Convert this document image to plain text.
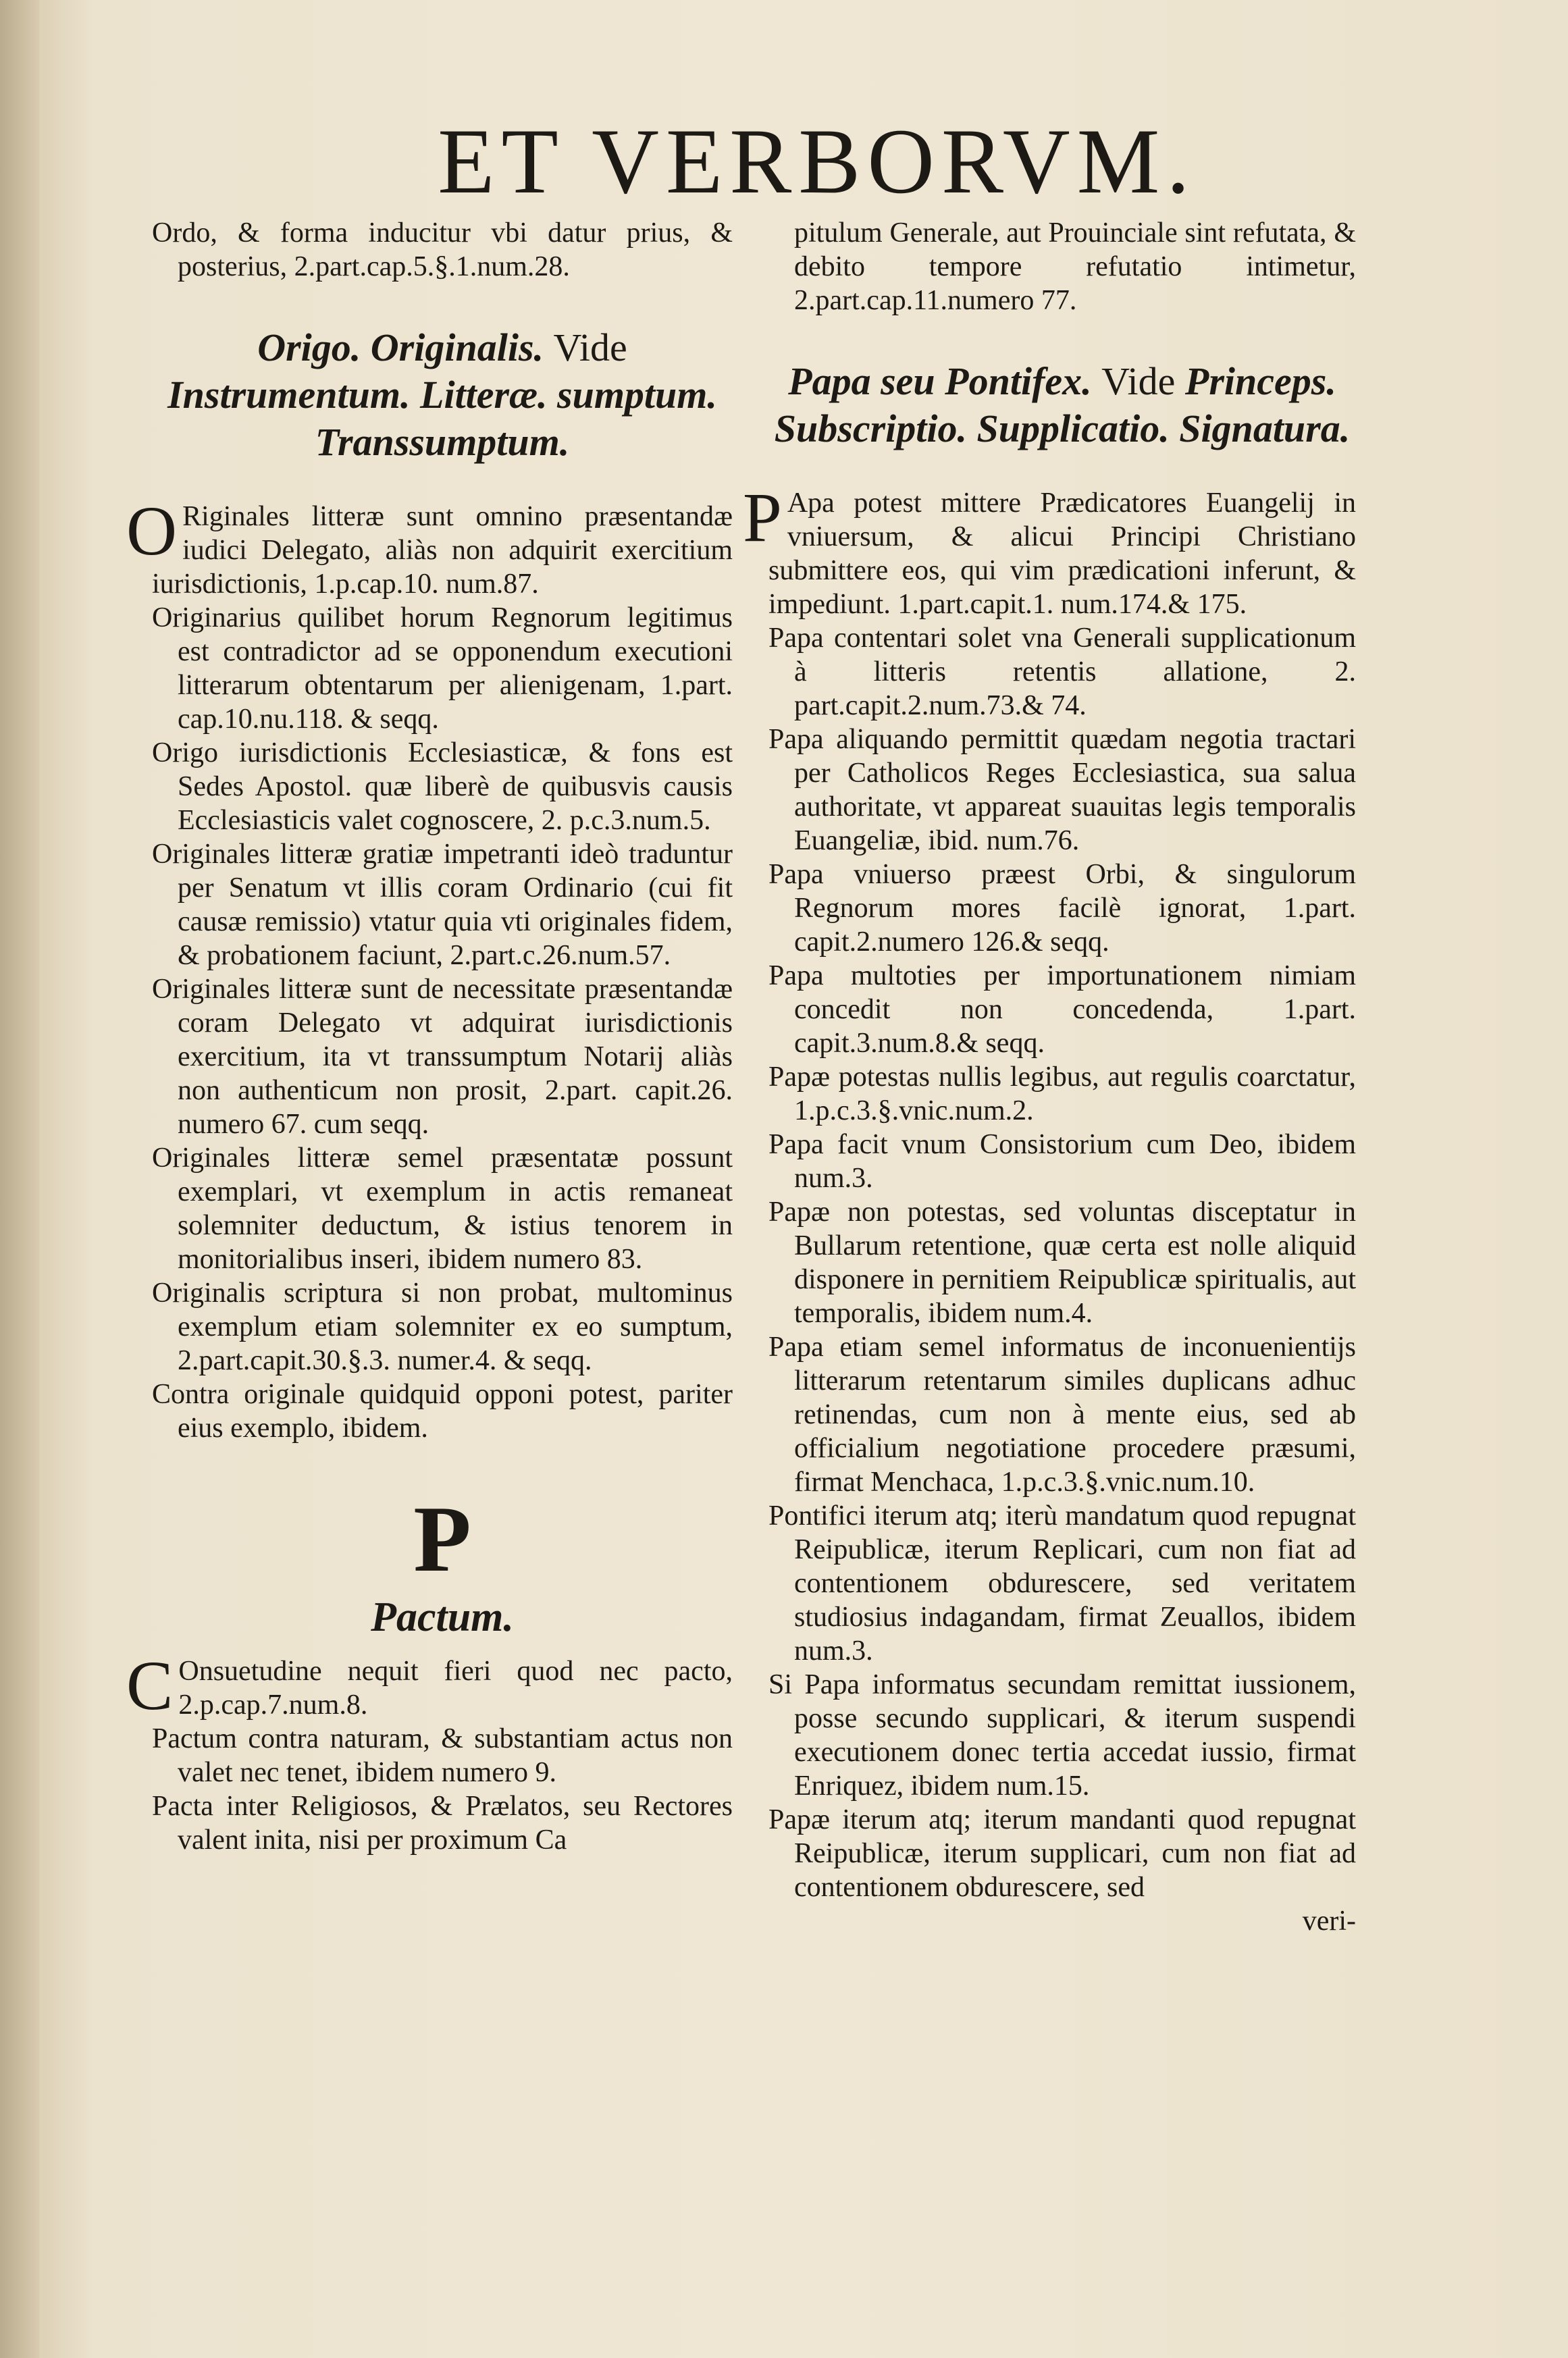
ET VERBORVM.
Ordo, & forma inducitur vbi datur prius, & posterius, 2.part.cap.5.§.1.num.28.
Origo. Originalis. Vide Instrumentum. Litteræ. sumptum. Transsumptum.
O Riginales litteræ sunt omnino præsentandæ iudici Delegato, aliàs non adquirit exercitium iurisdictionis, 1.p.cap.10. num.87.
Originarius quilibet horum Regnorum legitimus est contradictor ad se opponendum executioni litterarum obtentarum per alienigenam, 1.part. cap.10.nu.118. & seqq.
Origo iurisdictionis Ecclesiasticæ, & fons est Sedes Apostol. quæ liberè de quibusvis causis Ecclesiasticis valet cognoscere, 2. p.c.3.num.5.
Originales litteræ gratiæ impetranti ideò traduntur per Senatum vt illis coram Ordinario (cui fit causæ remissio) vtatur quia vti originales fidem, & probationem faciunt, 2.part.c.26.num.57.
Originales litteræ sunt de necessitate præsentandæ coram Delegato vt adquirat iurisdictionis exercitium, ita vt transsumptum Notarij aliàs non authenticum non prosit, 2.part. capit.26. numero 67. cum seqq.
Originales litteræ semel præsentatæ possunt exemplari, vt exemplum in actis remaneat solemniter deductum, & istius tenorem in monitorialibus inseri, ibidem numero 83.
Originalis scriptura si non probat, multominus exemplum etiam solemniter ex eo sumptum, 2.part.capit.30.§.3. numer.4. & seqq.
Contra originale quidquid opponi potest, pariter eius exemplo, ibidem.
P
Pactum.
C Onsuetudine nequit fieri quod nec pacto, 2.p.cap.7.num.8.
Pactum contra naturam, & substantiam actus non valet nec tenet, ibidem numero 9.
Pacta inter Religiosos, & Prælatos, seu Rectores valent inita, nisi per proximum Ca
pitulum Generale, aut Prouinciale sint refutata, & debito tempore refutatio intimetur, 2.part.cap.11.numero 77.
Papa seu Pontifex. Vide Princeps. Subscriptio. Supplicatio. Signatura.
P Apa potest mittere Prædicatores Euangelij in vniuersum, & alicui Principi Christiano submittere eos, qui vim prædicationi inferunt, & impediunt. 1.part.capit.1. num.174.& 175.
Papa contentari solet vna Generali supplicationum à litteris retentis allatione, 2. part.capit.2.num.73.& 74.
Papa aliquando permittit quædam negotia tractari per Catholicos Reges Ecclesiastica, sua salua authoritate, vt appareat suauitas legis temporalis Euangeliæ, ibid. num.76.
Papa vniuerso præest Orbi, & singulorum Regnorum mores facilè ignorat, 1.part. capit.2.numero 126.& seqq.
Papa multoties per importunationem nimiam concedit non concedenda, 1.part. capit.3.num.8.& seqq.
Papæ potestas nullis legibus, aut regulis coarctatur, 1.p.c.3.§.vnic.num.2.
Papa facit vnum Consistorium cum Deo, ibidem num.3.
Papæ non potestas, sed voluntas disceptatur in Bullarum retentione, quæ certa est nolle aliquid disponere in pernitiem Reipublicæ spiritualis, aut temporalis, ibidem num.4.
Papa etiam semel informatus de inconuenientijs litterarum retentarum similes duplicans adhuc retinendas, cum non à mente eius, sed ab officialium negotiatione procedere præsumi, firmat Menchaca, 1.p.c.3.§.vnic.num.10.
Pontifici iterum atq; iterù mandatum quod repugnat Reipublicæ, iterum Replicari, cum non fiat ad contentionem obdurescere, sed veritatem studiosius indagandam, firmat Zeuallos, ibidem num.3.
Si Papa informatus secundam remittat iussionem, posse secundo supplicari, & iterum suspendi executionem donec tertia accedat iussio, firmat Enriquez, ibidem num.15.
Papæ iterum atq; iterum mandanti quod repugnat Reipublicæ, iterum supplicari, cum non fiat ad contentionem obdurescere, sed
veri-
